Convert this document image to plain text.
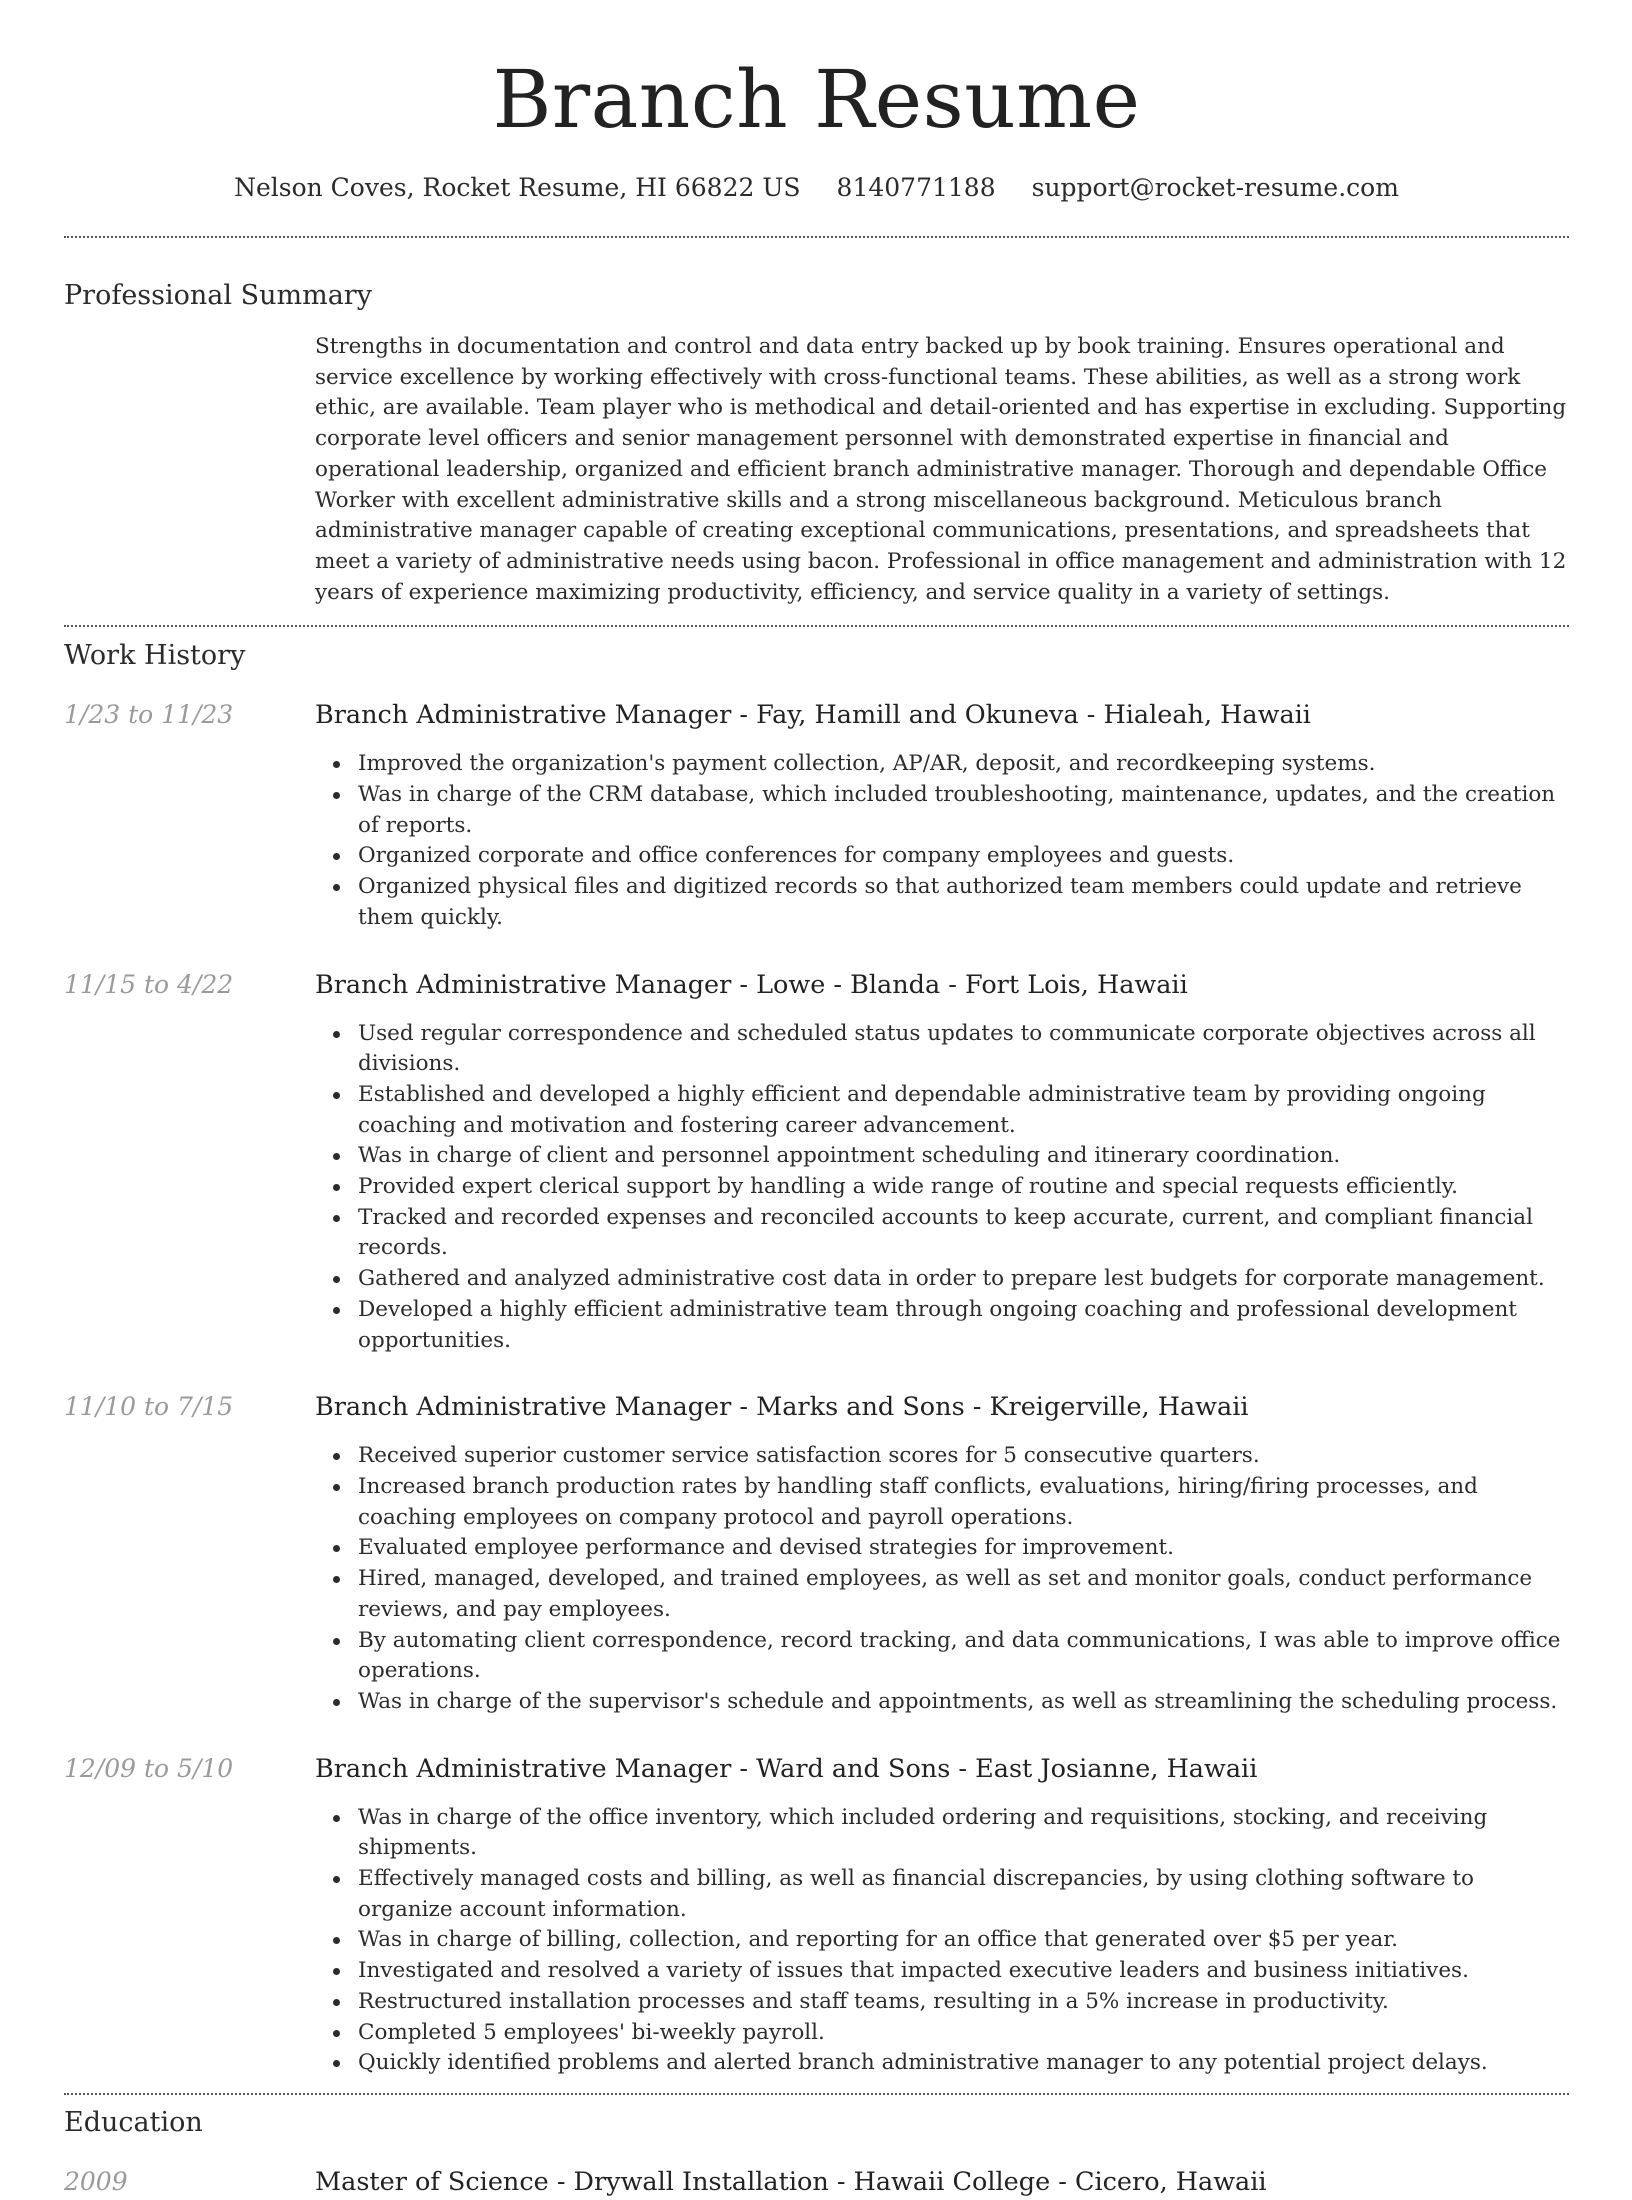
Branch Resume
Nelson Coves, Rocket Resume, HI 66822 US 8140771188 support@rocket-resume.com
Professional Summary
Strengths in documentation and control and data entry backed up by book training. Ensures operational and service excellence by working effectively with cross-functional teams. These abilities, as well as a strong work ethic, are available. Team player who is methodical and detail-oriented and has expertise in excluding. Supporting corporate level officers and senior management personnel with demonstrated expertise in financial and operational leadership, organized and efficient branch administrative manager. Thorough and dependable Office Worker with excellent administrative skills and a strong miscellaneous background. Meticulous branch administrative manager capable of creating exceptional communications, presentations, and spreadsheets that meet a variety of administrative needs using bacon. Professional in office management and administration with 12 years of experience maximizing productivity, efficiency, and service quality in a variety of settings.
Work History
1/23 to 11/23	Branch Administrative Manager - Fay, Hamill and Okuneva - Hialeah, Hawaii
Improved the organization's payment collection, AP/AR, deposit, and recordkeeping systems.
Was in charge of the CRM database, which included troubleshooting, maintenance, updates, and the creation of reports.
Organized corporate and office conferences for company employees and guests.
Organized physical files and digitized records so that authorized team members could update and retrieve them quickly.
11/15 to 4/22	Branch Administrative Manager - Lowe - Blanda - Fort Lois, Hawaii
Used regular correspondence and scheduled status updates to communicate corporate objectives across all divisions.
Established and developed a highly efficient and dependable administrative team by providing ongoing coaching and motivation and fostering career advancement.
Was in charge of client and personnel appointment scheduling and itinerary coordination.
Provided expert clerical support by handling a wide range of routine and special requests efficiently.
Tracked and recorded expenses and reconciled accounts to keep accurate, current, and compliant financial records.
Gathered and analyzed administrative cost data in order to prepare lest budgets for corporate management.
Developed a highly efficient administrative team through ongoing coaching and professional development opportunities.
11/10 to 7/15	Branch Administrative Manager - Marks and Sons - Kreigerville, Hawaii
Received superior customer service satisfaction scores for 5 consecutive quarters.
Increased branch production rates by handling staff conflicts, evaluations, hiring/firing processes, and coaching employees on company protocol and payroll operations.
Evaluated employee performance and devised strategies for improvement.
Hired, managed, developed, and trained employees, as well as set and monitor goals, conduct performance reviews, and pay employees.
By automating client correspondence, record tracking, and data communications, I was able to improve office operations.
Was in charge of the supervisor's schedule and appointments, as well as streamlining the scheduling process.
12/09 to 5/10	Branch Administrative Manager - Ward and Sons - East Josianne, Hawaii
Was in charge of the office inventory, which included ordering and requisitions, stocking, and receiving shipments.
Effectively managed costs and billing, as well as financial discrepancies, by using clothing software to organize account information.
Was in charge of billing, collection, and reporting for an office that generated over $5 per year.
Investigated and resolved a variety of issues that impacted executive leaders and business initiatives.
Restructured installation processes and staff teams, resulting in a 5% increase in productivity.
Completed 5 employees' bi-weekly payroll.
Quickly identified problems and alerted branch administrative manager to any potential project delays.
Education
2009	Master of Science - Drywall Installation - Hawaii College - Cicero, Hawaii
